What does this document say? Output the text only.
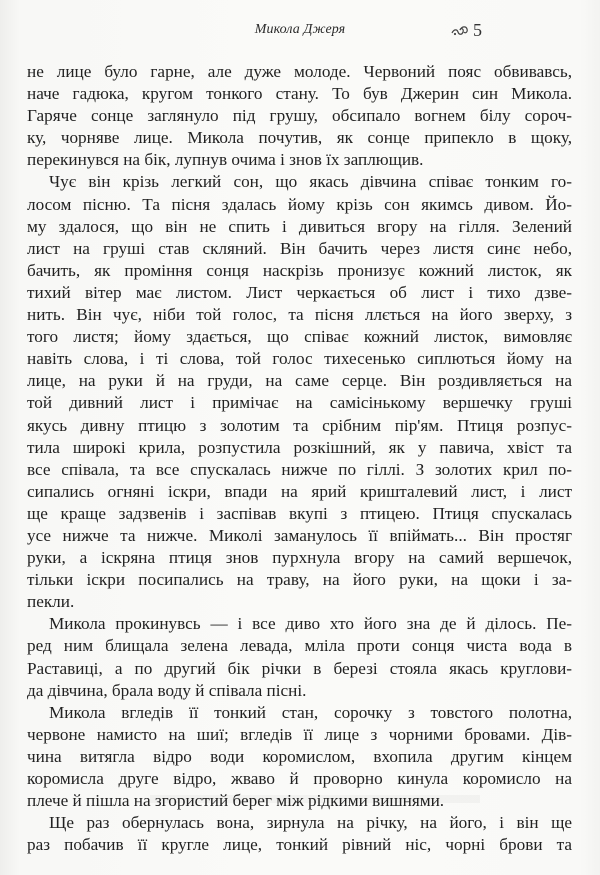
Микола Джеря	5
не лице було гарне, але дуже молоде. Червоний пояс обвивавсь,
наче гадюка, кругом тонкого стану. То був Джерин син Микола.
Гаряче сонце заглянуло під грушу, обсипало вогнем білу сороч-
ку, чорняве лице. Микола почутив, як сонце припекло в щоку,
перекинувся на бік, лупнув очима і знов їх заплющив.
Чує він крізь легкий сон, що якась дівчина співає тонким го-
лосом пісню. Та пісня здалась йому крізь сон якимсь дивом. Йо-
му здалося, що він не спить і дивиться вгору на гілля. Зелений
лист на груші став скляний. Він бачить через листя синє небо,
бачить, як проміння сонця наскрізь пронизує кожний листок, як
тихий вітер має листом. Лист черкається об лист і тихо дзве-
нить. Він чує, ніби той голос, та пісня ллється на його зверху, з
того листя; йому здається, що співає кожний листок, вимовляє
навіть слова, і ті слова, той голос тихесенько сиплються йому на
лице, на руки й на груди, на саме серце. Він роздивляється на
той дивний лист і примічає на самісінькому вершечку груші
якусь дивну птицю з золотим та срібним пір'ям. Птиця розпус-
тила широкі крила, розпустила розкішний, як у павича, хвіст та
все співала, та все спускалась нижче по гіллі. З золотих крил по-
сипались огняні іскри, впади на ярий кришталевий лист, і лист
ще краще задзвенів і заспівав вкупі з птицею. Птиця спускалась
усе нижче та нижче. Миколі заманулось її впіймать... Він простяг
руки, а іскряна птиця знов пурхнула вгору на самий вершечок,
тільки іскри посипались на траву, на його руки, на щоки і за-
пекли.
Микола прокинувсь — і все диво хто його зна де й ділось. Пе-
ред ним блищала зелена левада, мліла проти сонця чиста вода в
Раставиці, а по другий бік річки в березі стояла якась круглови-
да дівчина, брала воду й співала пісні.
Микола вгледів її тонкий стан, сорочку з товстого полотна,
червоне намисто на шиї; вгледів її лице з чорними бровами. Дів-
чина витягла відро води коромислом, вхопила другим кінцем
коромисла друге відро, жваво й проворно кинула коромисло на
плече й пішла на згористий берег між рідкими вишнями.
Ще раз обернулась вона, зирнула на річку, на його, і він ще
раз побачив її кругле лице, тонкий рівний ніс, чорні брови та
